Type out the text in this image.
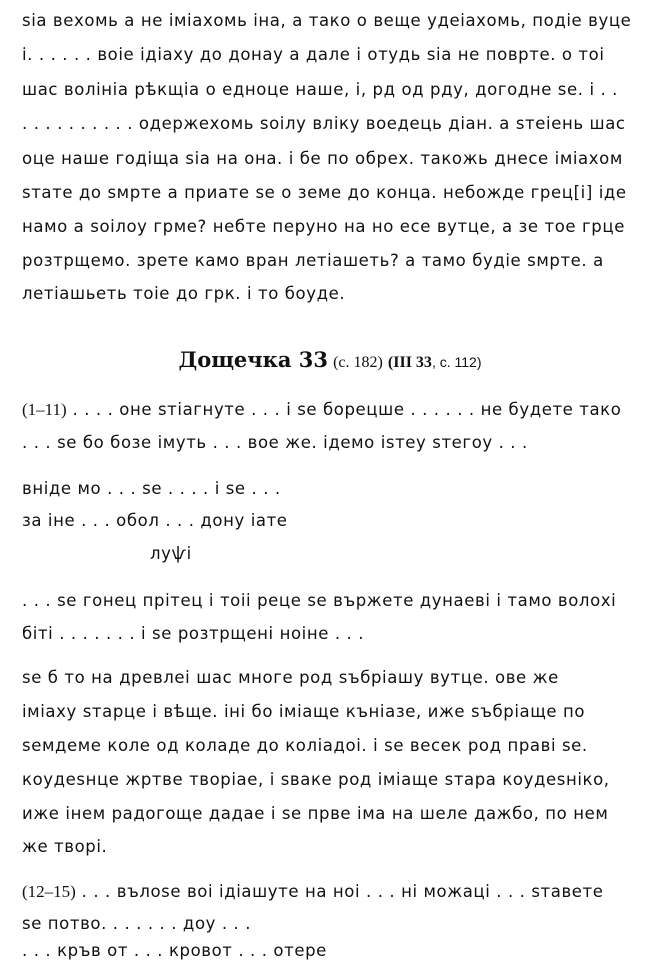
ѕiа вехомь а не імiахомь іна, а тако о веще удеіахомь, подіе вуце
і. . . . . . воіе ідiаху до донаy а дале і отудь ѕiа не поврте. о тоі
шас волінiа рѣкщiа о едноце наше, і, рд од рду, догодне ѕе. і . .
. . . . . . . . . . одержехомь ѕоілу вліку воедець діан. а ѕтеіень шас
оце наше годіща ѕiа на она. і бе по обрех. такожь днесе імiахом
ѕтате до ѕмрте а приате ѕе о земе до конца. небожде грец[і] іде
намо а ѕоілоу грме? небте перуно на но есе вутце, а зе тое грце
розтрщемо. зрете камо вран летiашеть? а тамо будіе ѕмрте. а
летiашьеть тоіе до грк. і то боуде.
Дощечка 33 (с. 182) (III 33, с. 112)
(1–11) . . . . оне ѕтiагнуте . . . і ѕе борецше . . . . . . не будете тако
. . . ѕе бо бозе імуть . . . вое же. ідемо іѕтеу ѕтегоу . . .
вніде мо . . . ѕе . . . . і ѕе . . .
за іне . . . обол . . . дону iате
луѱі
. . . ѕе гонец прітец і тоіі реце ѕе вържете дунаеві і тамо волохі
біті . . . . . . . і ѕе розтрщені ноіне . . .
ѕе б то на древлеі шас многе род ѕъбрiашу вутце. ове же
імiаху ѕтарце і вѣще. іні бо імiаще кънiазе, иже ѕъбрiаще по
ѕемдеме коле од коладе до колiадоі. і ѕе весек род праві ѕе.
коудеѕнце жртве творiае, і ѕваке род імiаще ѕтара коудеѕніко,
иже інем радогоще дадае і ѕе прве іма на шеле дажбо, по нем
же творі.
(12–15) . . . вълоѕе воі ідiашуте на ноі . . . ні можаці . . . ѕтавете
ѕе потво. . . . . . . доу . . .
. . . кръв от . . . кровот . . . отере
